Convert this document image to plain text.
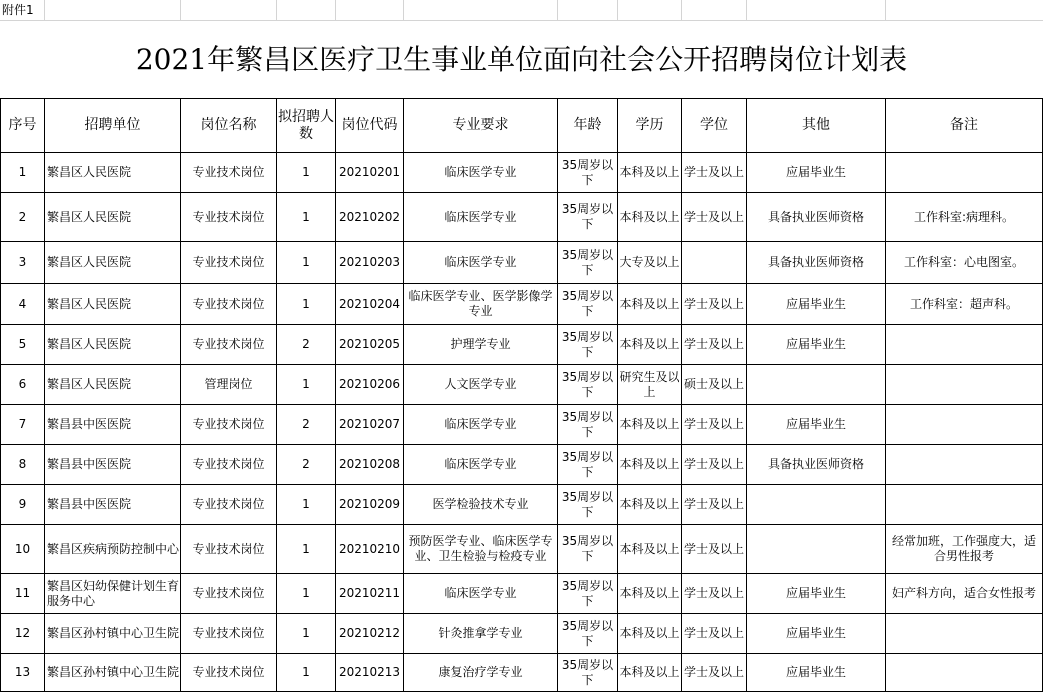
附件1
2021年繁昌区医疗卫生事业单位面向社会公开招聘岗位计划表
序号	招聘单位	岗位名称	拟招聘人数	岗位代码	专业要求	年龄	学历	学位	其他	备注
1	繁昌区人民医院	专业技术岗位	1	20210201	临床医学专业	35周岁以下	本科及以上	学士及以上	应届毕业生	
2	繁昌区人民医院	专业技术岗位	1	20210202	临床医学专业	35周岁以下	本科及以上	学士及以上	具备执业医师资格	工作科室:病理科。
3	繁昌区人民医院	专业技术岗位	1	20210203	临床医学专业	35周岁以下	大专及以上		具备执业医师资格	工作科室：心电图室。
4	繁昌区人民医院	专业技术岗位	1	20210204	临床医学专业、医学影像学专业	35周岁以下	本科及以上	学士及以上	应届毕业生	工作科室：超声科。
5	繁昌区人民医院	专业技术岗位	2	20210205	护理学专业	35周岁以下	本科及以上	学士及以上	应届毕业生	
6	繁昌区人民医院	管理岗位	1	20210206	人文医学专业	35周岁以下	研究生及以上	硕士及以上		
7	繁昌县中医医院	专业技术岗位	2	20210207	临床医学专业	35周岁以下	本科及以上	学士及以上	应届毕业生	
8	繁昌县中医医院	专业技术岗位	2	20210208	临床医学专业	35周岁以下	本科及以上	学士及以上	具备执业医师资格	
9	繁昌县中医医院	专业技术岗位	1	20210209	医学检验技术专业	35周岁以下	本科及以上	学士及以上		
10	繁昌区疾病预防控制中心	专业技术岗位	1	20210210	预防医学专业、临床医学专业、卫生检验与检疫专业	35周岁以下	本科及以上	学士及以上		经常加班，工作强度大，适合男性报考
11	繁昌区妇幼保健计划生育服务中心	专业技术岗位	1	20210211	临床医学专业	35周岁以下	本科及以上	学士及以上	应届毕业生	妇产科方向，适合女性报考
12	繁昌区孙村镇中心卫生院	专业技术岗位	1	20210212	针灸推拿学专业	35周岁以下	本科及以上	学士及以上	应届毕业生	
13	繁昌区孙村镇中心卫生院	专业技术岗位	1	20210213	康复治疗学专业	35周岁以下	本科及以上	学士及以上	应届毕业生	
